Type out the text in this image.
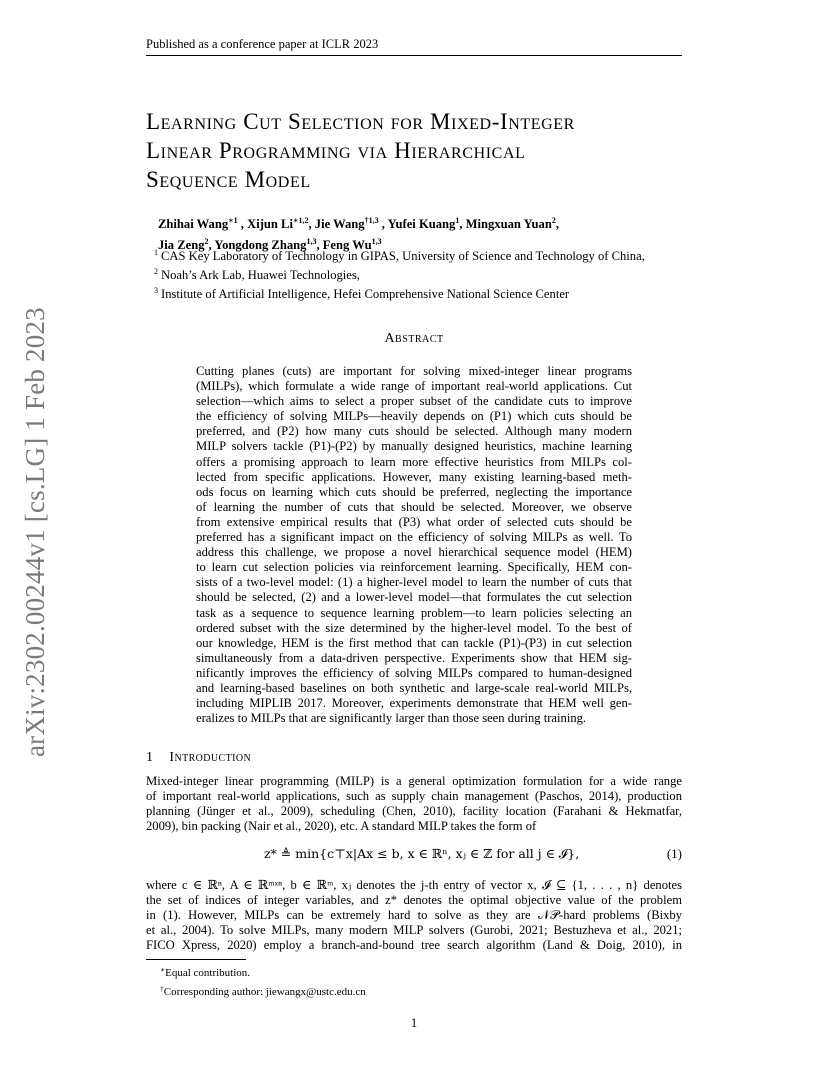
Published as a conference paper at ICLR 2023
arXiv:2302.00244v1 [cs.LG] 1 Feb 2023
Learning Cut Selection for Mixed-Integer
Linear Programming via Hierarchical
Sequence Model
Zhihai Wang$^{∗1}$ , Xijun $Li^{∗1,2}$, Jie Wang$^{\dagger 1,3}$ , Yufei Kuang$^1$, Mingxuan Yuan$^2$,
Jia Zeng$^2$, Yongdong Zhang$^{1,3}$, Feng Wu$^{1,3}$
$^1$ CAS Key Laboratory of Technology in GIPAS, University of Science and Technology of China,
$^2$ Noah’s Ark Lab, Huawei Technologies,
$^3$ Institute of Artificial Intelligence, Hefei Comprehensive National Science Center
Abstract
Cutting planes (cuts) are important for solving mixed-integer linear programs
(MILPs), which formulate a wide range of important real-world applications. Cut
selection—which aims to select a proper subset of the candidate cuts to improve
the efficiency of solving MILPs—heavily depends on (P1) which cuts should be
preferred, and (P2) how many cuts should be selected. Although many modern
MILP solvers tackle (P1)-(P2) by manually designed heuristics, machine learning
offers a promising approach to learn more effective heuristics from MILPs col-
lected from specific applications. However, many existing learning-based meth-
ods focus on learning which cuts should be preferred, neglecting the importance
of learning the number of cuts that should be selected. Moreover, we observe
from extensive empirical results that (P3) what order of selected cuts should be
preferred has a significant impact on the efficiency of solving MILPs as well. To
address this challenge, we propose a novel hierarchical sequence model (HEM)
to learn cut selection policies via reinforcement learning. Specifically, HEM con-
sists of a two-level model: (1) a higher-level model to learn the number of cuts that
should be selected, (2) and a lower-level model—that formulates the cut selection
task as a sequence to sequence learning problem—to learn policies selecting an
ordered subset with the size determined by the higher-level model. To the best of
our knowledge, HEM is the first method that can tackle (P1)-(P3) in cut selection
simultaneously from a data-driven perspective. Experiments show that HEM sig-
nificantly improves the efficiency of solving MILPs compared to human-designed
and learning-based baselines on both synthetic and large-scale real-world MILPs,
including MIPLIB 2017. Moreover, experiments demonstrate that HEM well gen-
eralizes to MILPs that are significantly larger than those seen during training.
1 Introduction
Mixed-integer linear programming (MILP) is a general optimization formulation for a wide range
of important real-world applications, such as supply chain management (Paschos, 2014), production
planning (Jünger et al., 2009), scheduling (Chen, 2010), facility location (Farahani & Hekmatfar,
2009), bin packing (Nair et al., 2020), etc. A standard MILP takes the form of
z* ≜ min{c⊤x|Ax ≤ b, x ∈ ℝⁿ, xⱼ ∈ ℤ for all j ∈ 𝓘},	(1)
where c ∈ ℝⁿ, A ∈ ℝᵐˣⁿ, b ∈ ℝᵐ, xⱼ denotes the j-th entry of vector x, 𝓘 ⊆ {1, . . . , n} denotes
the set of indices of integer variables, and z* denotes the optimal objective value of the problem
in (1). However, MILPs can be extremely hard to solve as they are 𝒩𝒫-hard problems (Bixby
et al., 2004). To solve MILPs, many modern MILP solvers (Gurobi, 2021; Bestuzheva et al., 2021;
FICO Xpress, 2020) employ a branch-and-bound tree search algorithm (Land & Doig, 2010), in
∗Equal contribution.
†Corresponding author: jiewangx@ustc.edu.cn
1
